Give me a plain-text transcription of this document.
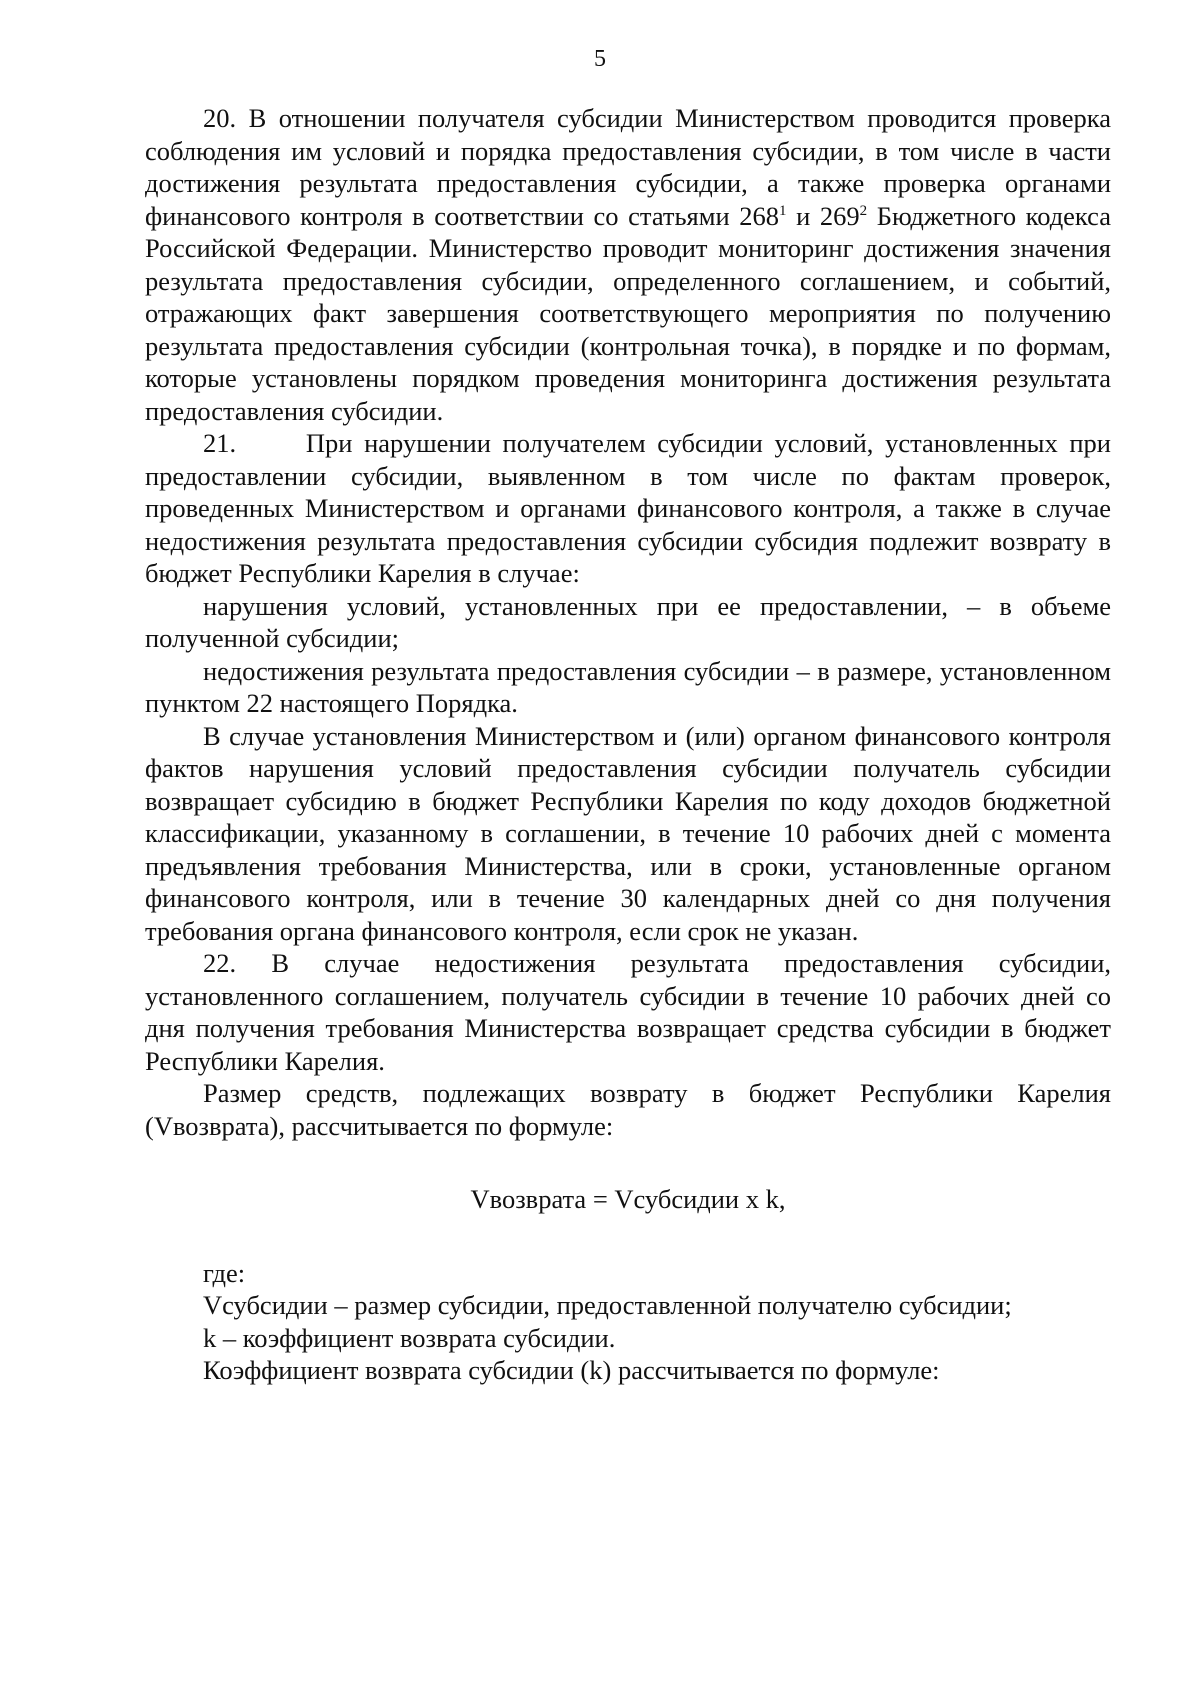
5

20. В отношении получателя субсидии Министерством проводится проверка соблюдения им условий и порядка предоставления субсидии, в том числе в части достижения результата предоставления субсидии, а также проверка органами финансового контроля в соответствии со статьями $268^1$ и $269^2$ Бюджетного кодекса Российской Федерации. Министерство проводит мониторинг достижения значения результата предоставления субсидии, определенного соглашением, и событий, отражающих факт завершения соответствующего мероприятия по получению результата предоставления субсидии (контрольная точка), в порядке и по формам, которые установлены порядком проведения мониторинга достижения результата предоставления субсидии.

21.      При нарушении получателем субсидии условий, установленных при предоставлении субсидии, выявленном в том числе по фактам проверок, проведенных Министерством и органами финансового контроля, а также в случае недостижения результата предоставления субсидии субсидия подлежит возврату в бюджет Республики Карелия в случае:

нарушения условий, установленных при ее предоставлении, – в объеме полученной субсидии;

недостижения результата предоставления субсидии – в размере, установленном пунктом 22 настоящего Порядка.

В случае установления Министерством и (или) органом финансового контроля фактов нарушения условий предоставления субсидии получатель субсидии возвращает субсидию в бюджет Республики Карелия по коду доходов бюджетной классификации, указанному в соглашении, в течение 10 рабочих дней с момента предъявления требования Министерства, или в сроки, установленные органом финансового контроля, или в течение 30 календарных дней со дня получения требования органа финансового контроля, если срок не указан.

22. В случае недостижения результата предоставления субсидии, установленного соглашением, получатель субсидии в течение 10 рабочих дней со дня получения требования Министерства возвращает средства субсидии в бюджет Республики Карелия.

Размер средств, подлежащих возврату в бюджет Республики Карелия (Vвозврата), рассчитывается по формуле:

Vвозврата = Vсубсидии х k,

где:

Vсубсидии – размер субсидии, предоставленной получателю субсидии;

k – коэффициент возврата субсидии.

Коэффициент возврата субсидии (k) рассчитывается по формуле:
